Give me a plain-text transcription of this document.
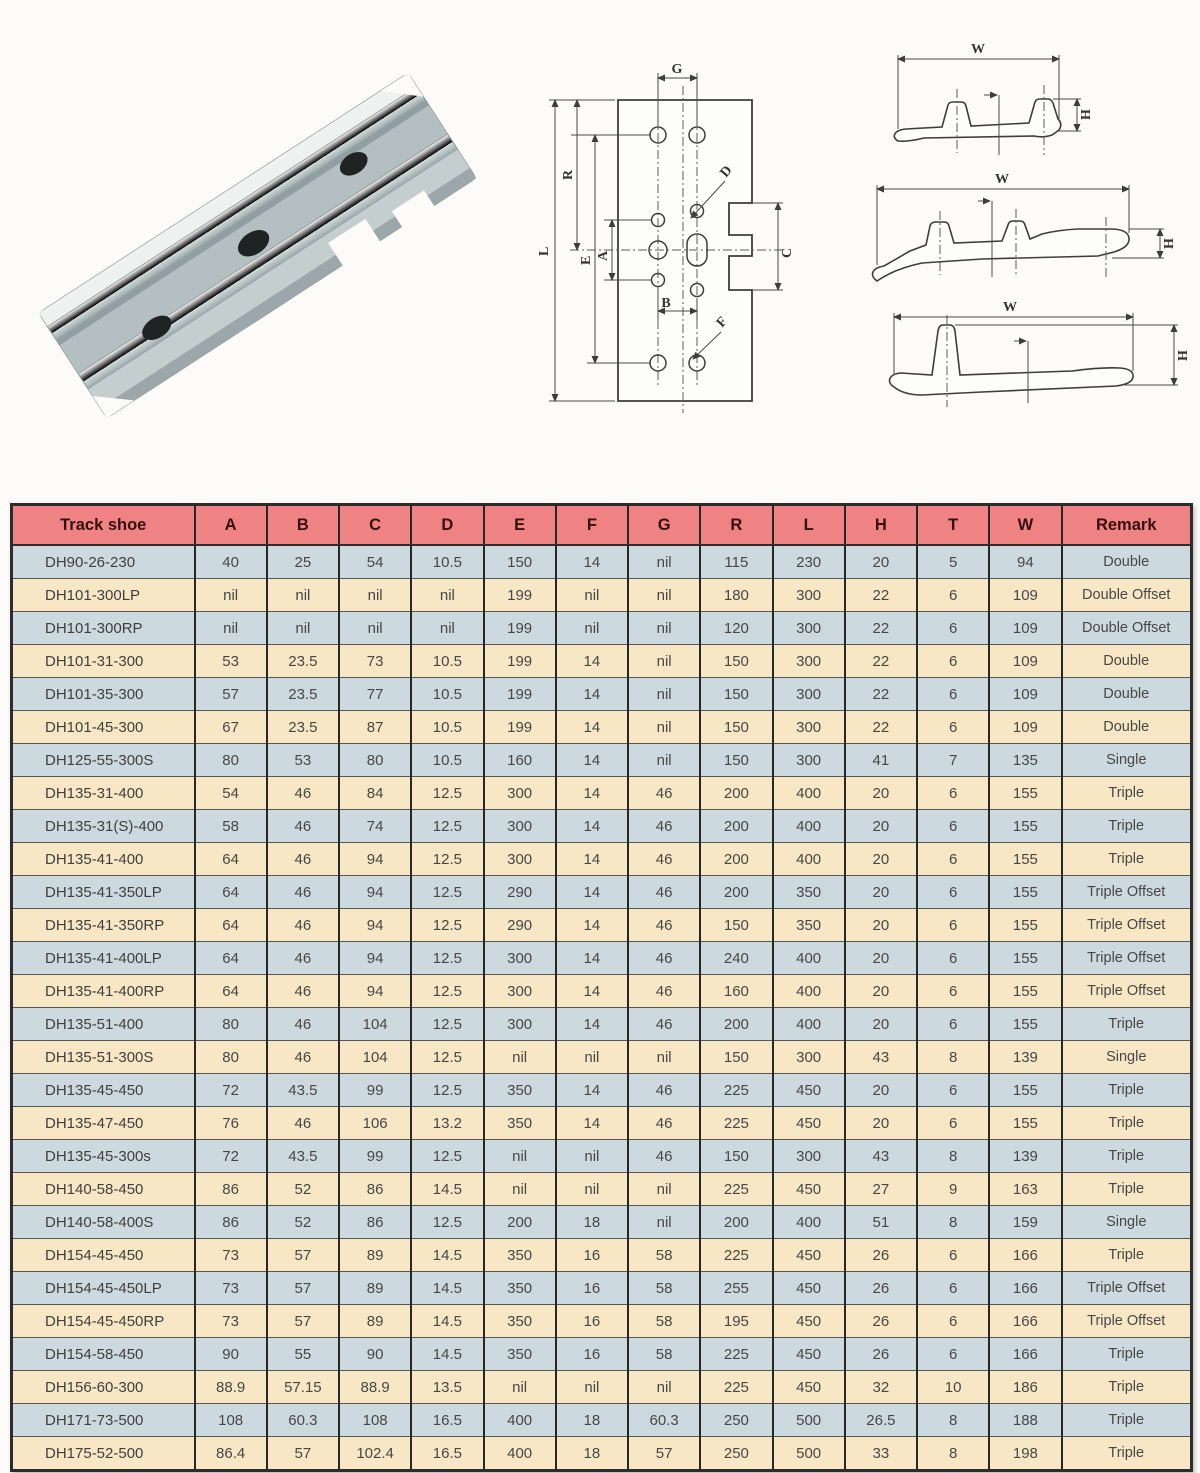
G
L
R
E A
B
C
D
F
W
H
W
H
W
H
Track shoe	A	B	C	D	E	F	G	R	L	H	T	W	Remark
DH90-26-230	40	25	54	10.5	150	14	nil	115	230	20	5	94	Double
DH101-300LP	nil	nil	nil	nil	199	nil	nil	180	300	22	6	109	Double Offset
DH101-300RP	nil	nil	nil	nil	199	nil	nil	120	300	22	6	109	Double Offset
DH101-31-300	53	23.5	73	10.5	199	14	nil	150	300	22	6	109	Double
DH101-35-300	57	23.5	77	10.5	199	14	nil	150	300	22	6	109	Double
DH101-45-300	67	23.5	87	10.5	199	14	nil	150	300	22	6	109	Double
DH125-55-300S	80	53	80	10.5	160	14	nil	150	300	41	7	135	Single
DH135-31-400	54	46	84	12.5	300	14	46	200	400	20	6	155	Triple
DH135-31(S)-400	58	46	74	12.5	300	14	46	200	400	20	6	155	Triple
DH135-41-400	64	46	94	12.5	300	14	46	200	400	20	6	155	Triple
DH135-41-350LP	64	46	94	12.5	290	14	46	200	350	20	6	155	Triple Offset
DH135-41-350RP	64	46	94	12.5	290	14	46	150	350	20	6	155	Triple Offset
DH135-41-400LP	64	46	94	12.5	300	14	46	240	400	20	6	155	Triple Offset
DH135-41-400RP	64	46	94	12.5	300	14	46	160	400	20	6	155	Triple Offset
DH135-51-400	80	46	104	12.5	300	14	46	200	400	20	6	155	Triple
DH135-51-300S	80	46	104	12.5	nil	nil	nil	150	300	43	8	139	Single
DH135-45-450	72	43.5	99	12.5	350	14	46	225	450	20	6	155	Triple
DH135-47-450	76	46	106	13.2	350	14	46	225	450	20	6	155	Triple
DH135-45-300s	72	43.5	99	12.5	nil	nil	46	150	300	43	8	139	Triple
DH140-58-450	86	52	86	14.5	nil	nil	nil	225	450	27	9	163	Triple
DH140-58-400S	86	52	86	12.5	200	18	nil	200	400	51	8	159	Single
DH154-45-450	73	57	89	14.5	350	16	58	225	450	26	6	166	Triple
DH154-45-450LP	73	57	89	14.5	350	16	58	255	450	26	6	166	Triple Offset
DH154-45-450RP	73	57	89	14.5	350	16	58	195	450	26	6	166	Triple Offset
DH154-58-450	90	55	90	14.5	350	16	58	225	450	26	6	166	Triple
DH156-60-300	88.9	57.15	88.9	13.5	nil	nil	nil	225	450	32	10	186	Triple
DH171-73-500	108	60.3	108	16.5	400	18	60.3	250	500	26.5	8	188	Triple
DH175-52-500	86.4	57	102.4	16.5	400	18	57	250	500	33	8	198	Triple
